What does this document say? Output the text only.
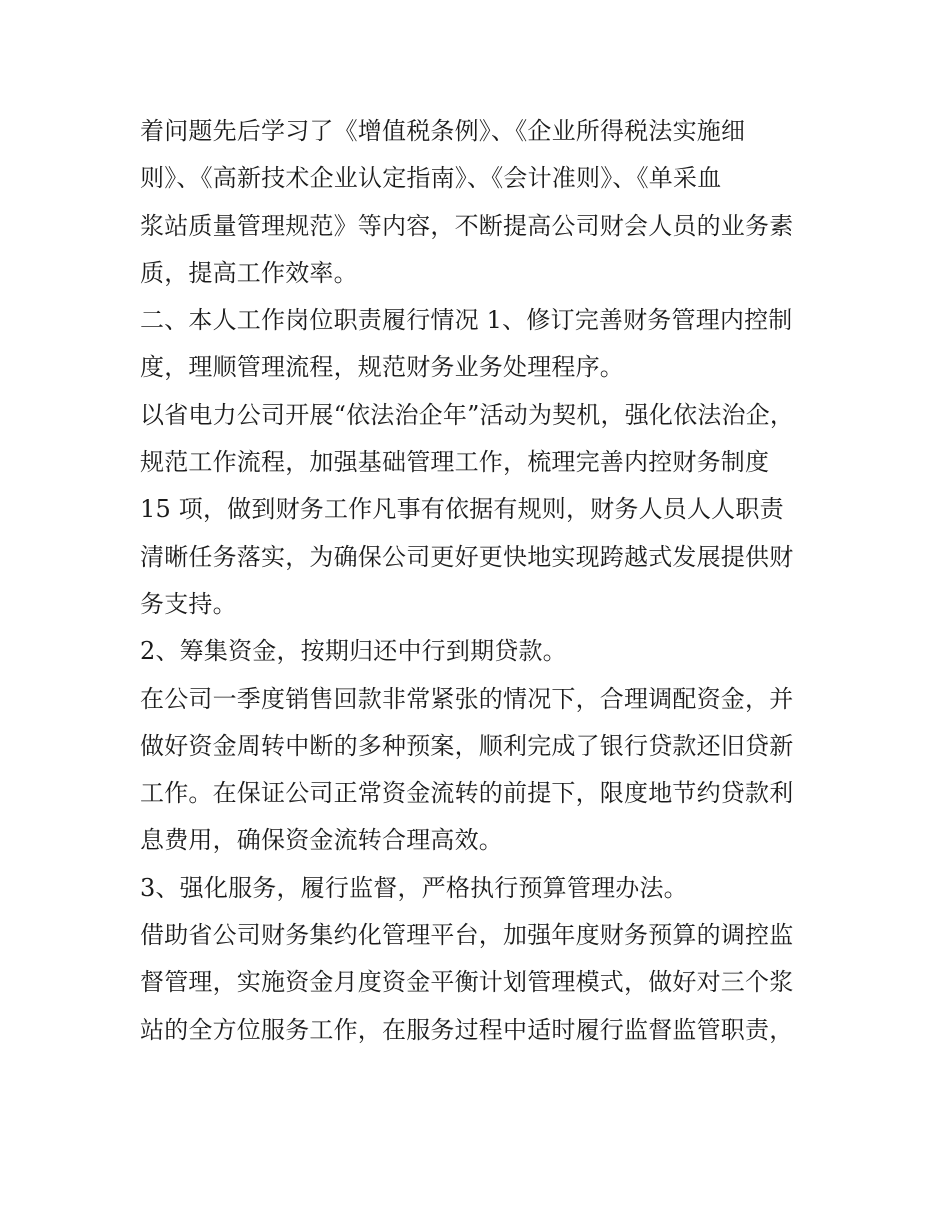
着问题先后学习了《增值税条例》、《企业所得税法实施细
则》、《高新技术企业认定指南》、《会计准则》、《单采血
浆站质量管理规范》等内容，不断提高公司财会人员的业务素
质，提高工作效率。
二、本人工作岗位职责履行情况 1、修订完善财务管理内控制
度，理顺管理流程，规范财务业务处理程序。
以省电力公司开展“依法治企年”活动为契机，强化依法治企，
规范工作流程，加强基础管理工作，梳理完善内控财务制度
15 项，做到财务工作凡事有依据有规则，财务人员人人职责
清晰任务落实，为确保公司更好更快地实现跨越式发展提供财
务支持。
2、筹集资金，按期归还中行到期贷款。
在公司一季度销售回款非常紧张的情况下，合理调配资金，并
做好资金周转中断的多种预案，顺利完成了银行贷款还旧贷新
工作。在保证公司正常资金流转的前提下，限度地节约贷款利
息费用，确保资金流转合理高效。
3、强化服务，履行监督，严格执行预算管理办法。
借助省公司财务集约化管理平台，加强年度财务预算的调控监
督管理，实施资金月度资金平衡计划管理模式，做好对三个浆
站的全方位服务工作，在服务过程中适时履行监督监管职责，
